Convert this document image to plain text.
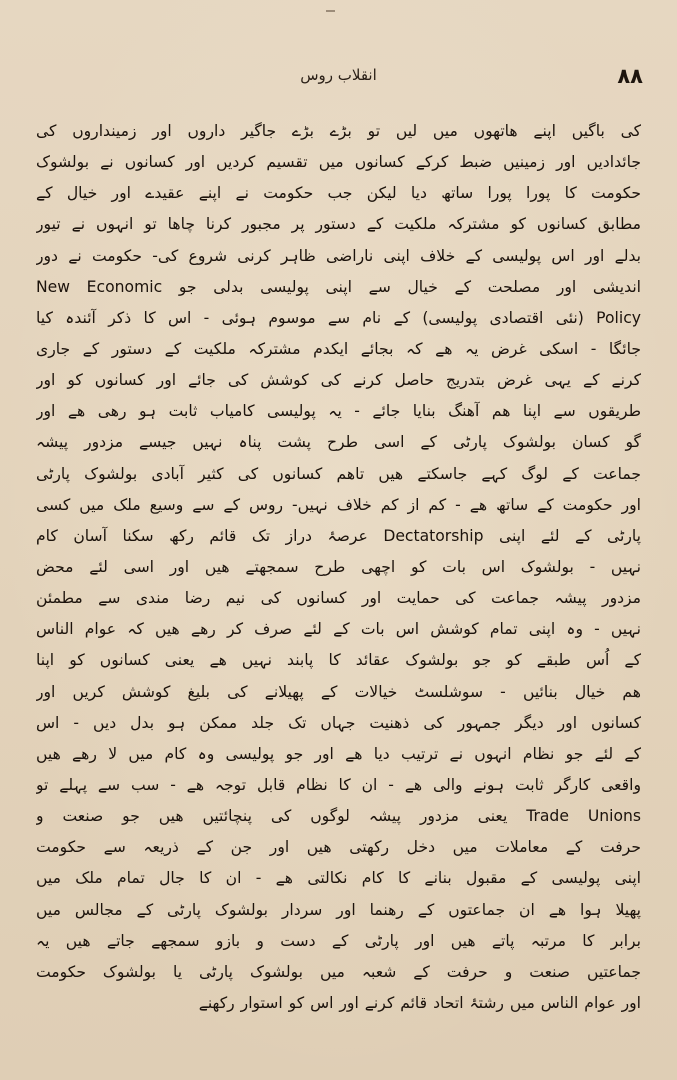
انقلاب روس	۸۸
کی باگیں اپنے ھاتھوں میں لیں تو بڑے بڑے جاگیر داروں اور زمینداروں کی
جائدادیں اور زمینیں ضبط کرکے کسانوں میں تقسیم کردیں اور کسانوں نے بولشوک
حکومت کا پورا پورا ساتھ دیا لیکن جب حکومت نے اپنے عقیدے اور خیال کے
مطابق کسانوں کو مشترکہ ملکیت کے دستور پر مجبور کرنا چاھا تو انہوں نے تیور
بدلے اور اس پولیسی کے خلاف اپنی ناراضی ظاہر کرنی شروع کی- حکومت نے دور
اندیشی اور مصلحت کے خیال سے اپنی پولیسی بدلی جو New Economic
Policy (نئی اقتصادی پولیسی) کے نام سے موسوم ہوئی - اس کا ذکر آئندہ کیا
جائگا - اسکی غرض یہ ھے کہ بجائے ایکدم مشترکہ ملکیت کے دستور کے جاری
کرنے کے یہی غرض بتدریج حاصل کرنے کی کوشش کی جائے اور کسانوں کو اور
طریقوں سے اپنا ھم آھنگ بنایا جائے - یہ پولیسی کامیاب ثابت ہو رھی ھے اور
گو کسان بولشوک پارٹی کے اسی طرح پشت پناہ نہیں جیسے مزدور پیشہ
جماعت کے لوگ کہے جاسکتے ھیں تاھم کسانوں کی کثیر آبادی بولشوک پارٹی
اور حکومت کے ساتھ ھے - کم از کم خلاف نہیں- روس کے سے وسیع ملک میں کسی
پارٹی کے لئے اپنی Dectatorship عرصۂ دراز تک قائم رکھ سکنا آسان کام
نہیں - بولشوک اس بات کو اچھی طرح سمجھتے ھیں اور اسی لئے محض
مزدور پیشہ جماعت کی حمایت اور کسانوں کی نیم رضا مندی سے مطمئن
نہیں - وہ اپنی تمام کوشش اس بات کے لئے صرف کر رھے ھیں کہ عوام الناس
کے اُس طبقے کو جو بولشوک عقائد کا پابند نہیں ھے یعنی کسانوں کو اپنا
ھم خیال بنائیں - سوشلسٹ خیالات کے پھیلانے کی بلیغ کوشش کریں اور
کسانوں اور دیگر جمہور کی ذھنیت جہاں تک جلد ممکن ہو بدل دیں - اس
کے لئے جو نظام انہوں نے ترتیب دیا ھے اور جو پولیسی وہ کام میں لا رھے ھیں
واقعی کارگر ثابت ہونے والی ھے - ان کا نظام قابل توجہ ھے - سب سے پہلے تو
Trade Unions یعنی مزدور پیشہ لوگوں کی پنچائتیں ھیں جو صنعت و
حرفت کے معاملات میں دخل رکھتی ھیں اور جن کے ذریعہ سے حکومت
اپنی پولیسی کے مقبول بنانے کا کام نکالتی ھے - ان کا جال تمام ملک میں
پھیلا ہوا ھے ان جماعتوں کے رھنما اور سردار بولشوک پارٹی کے مجالس میں
برابر کا مرتبہ پاتے ھیں اور پارٹی کے دست و بازو سمجھے جاتے ھیں یہ
جماعتیں صنعت و حرفت کے شعبہ میں بولشوک پارٹی یا بولشوک حکومت
اور عوام الناس میں رشتۂ اتحاد قائم کرنے اور اس کو استوار رکھنے
